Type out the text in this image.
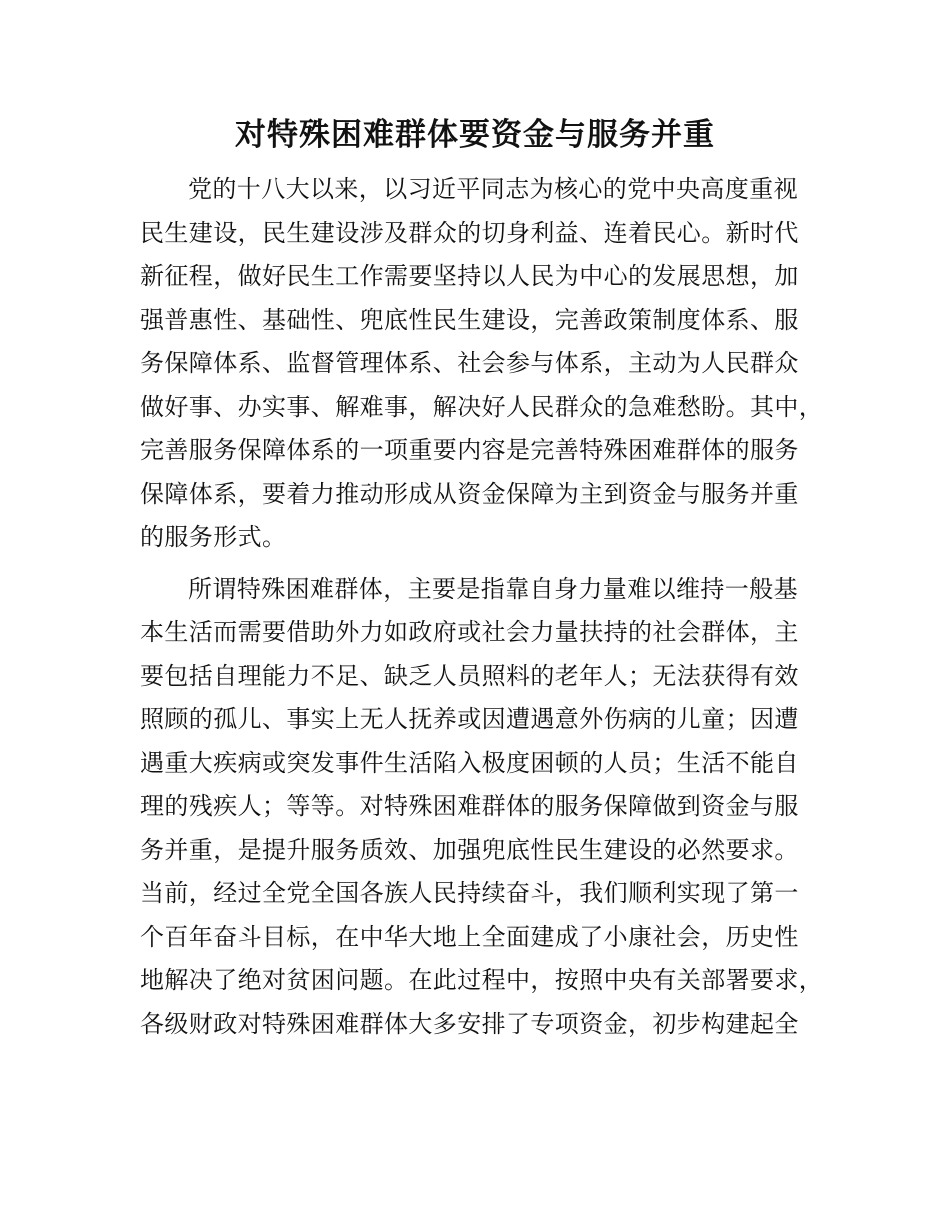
对特殊困难群体要资金与服务并重
党的十八大以来，以习近平同志为核心的党中央高度重视
民生建设，民生建设涉及群众的切身利益、连着民心。新时代
新征程，做好民生工作需要坚持以人民为中心的发展思想，加
强普惠性、基础性、兜底性民生建设，完善政策制度体系、服
务保障体系、监督管理体系、社会参与体系，主动为人民群众
做好事、办实事、解难事，解决好人民群众的急难愁盼。其中，
完善服务保障体系的一项重要内容是完善特殊困难群体的服务
保障体系，要着力推动形成从资金保障为主到资金与服务并重
的服务形式。
所谓特殊困难群体，主要是指靠自身力量难以维持一般基
本生活而需要借助外力如政府或社会力量扶持的社会群体，主
要包括自理能力不足、缺乏人员照料的老年人；无法获得有效
照顾的孤儿、事实上无人抚养或因遭遇意外伤病的儿童；因遭
遇重大疾病或突发事件生活陷入极度困顿的人员；生活不能自
理的残疾人；等等。对特殊困难群体的服务保障做到资金与服
务并重，是提升服务质效、加强兜底性民生建设的必然要求。
当前，经过全党全国各族人民持续奋斗，我们顺利实现了第一
个百年奋斗目标，在中华大地上全面建成了小康社会，历史性
地解决了绝对贫困问题。在此过程中，按照中央有关部署要求，
各级财政对特殊困难群体大多安排了专项资金，初步构建起全
